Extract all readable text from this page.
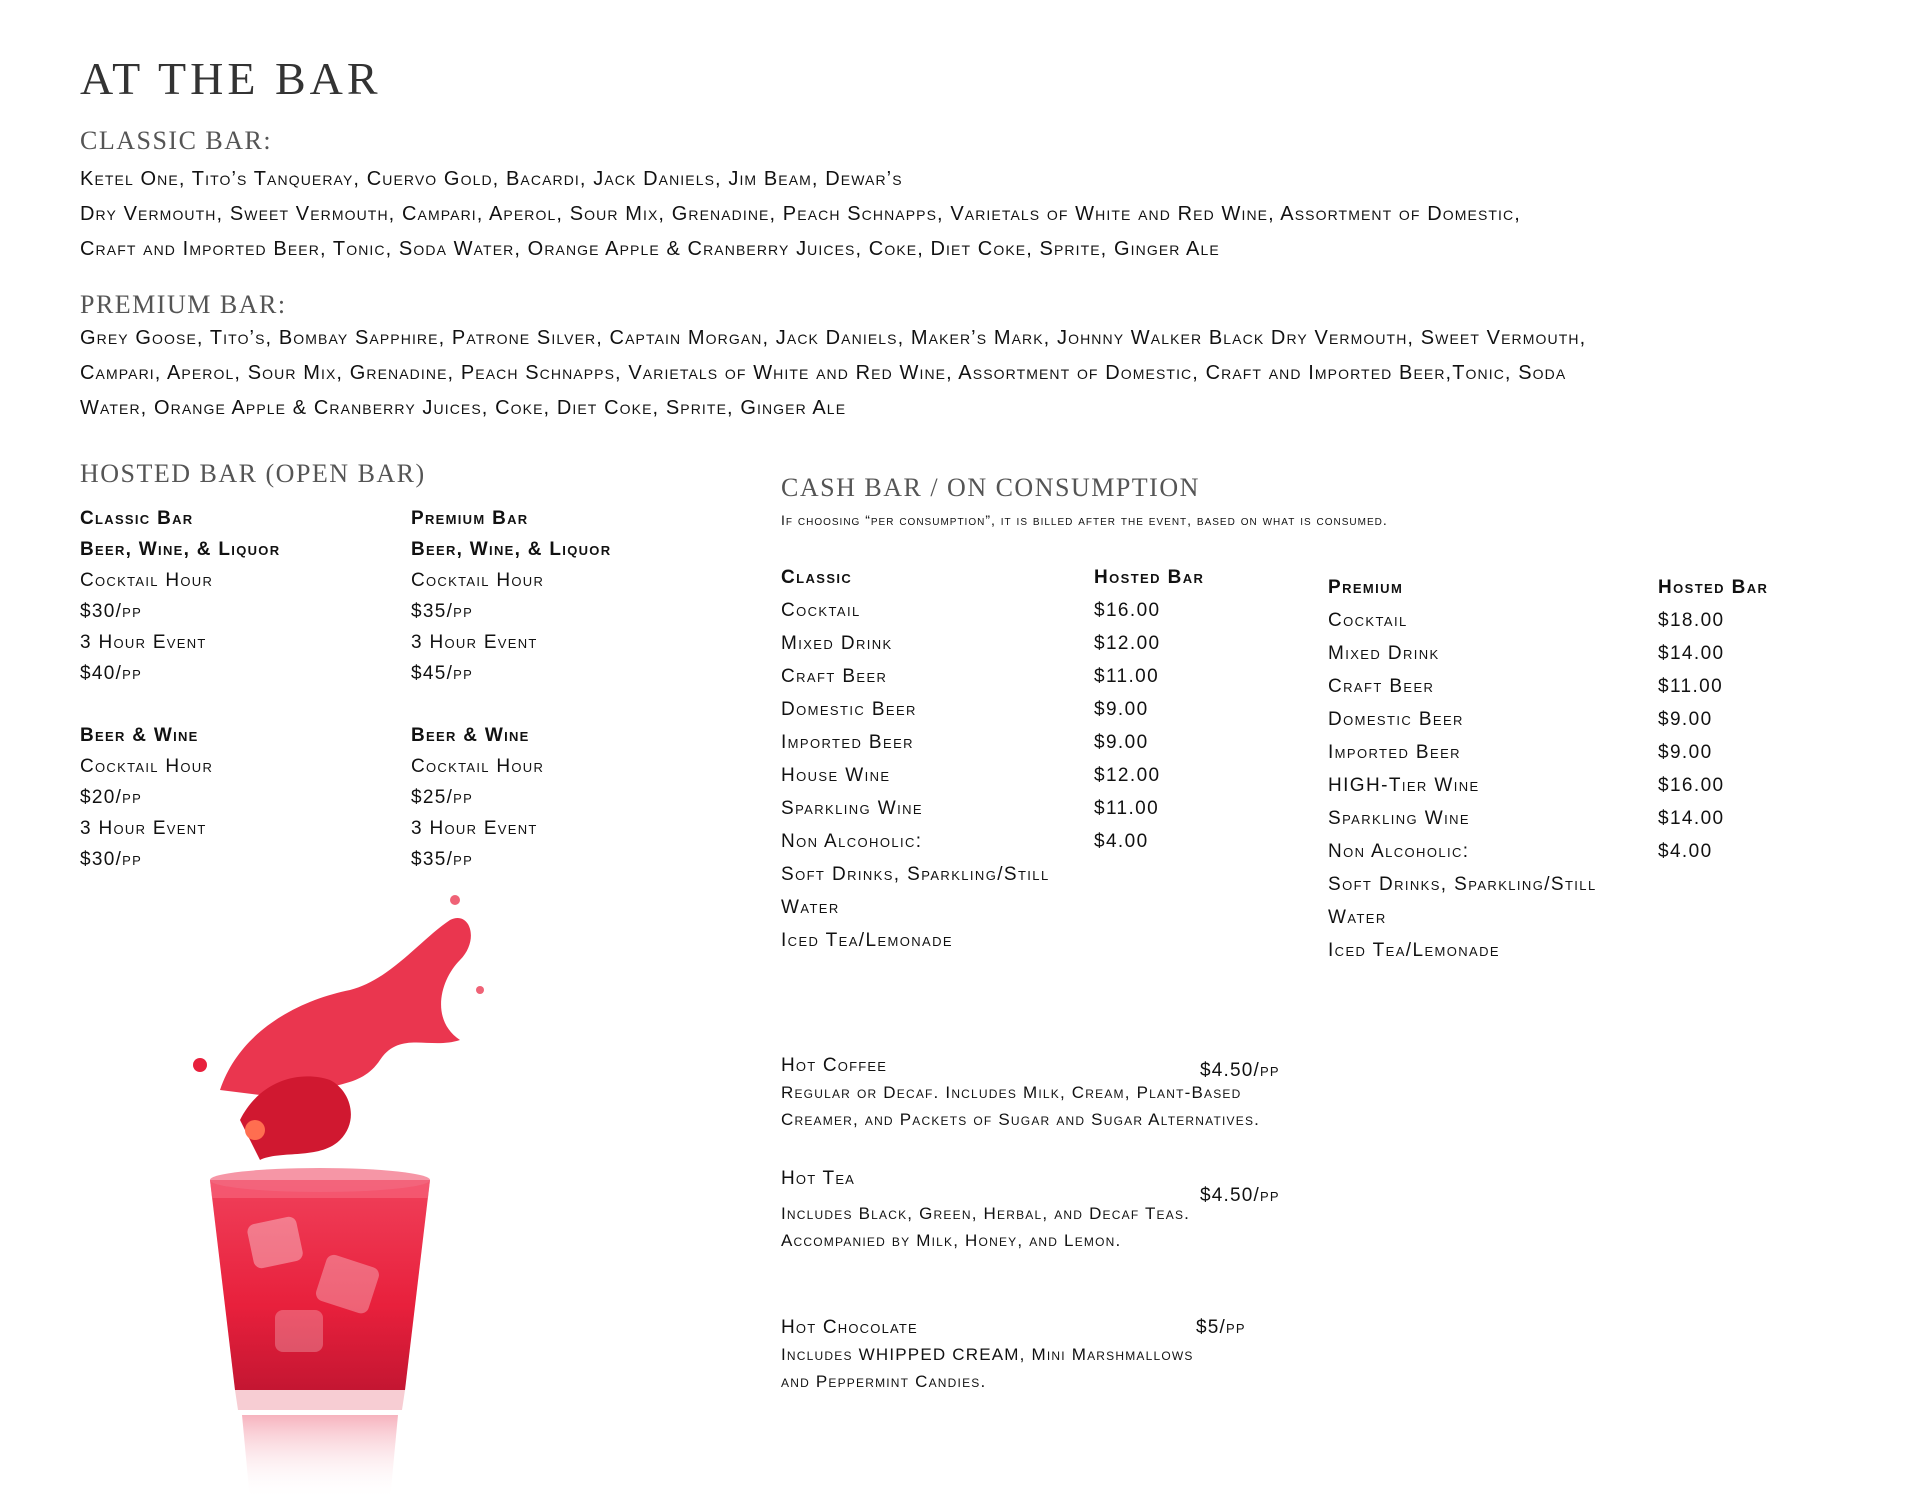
AT THE BAR
CLASSIC BAR:
Ketel One, Tito’s Tanqueray, Cuervo Gold, Bacardi, Jack Daniels, Jim Beam, Dewar’s
Dry Vermouth, Sweet Vermouth, Campari, Aperol, Sour Mix, Grenadine, Peach Schnapps, Varietals of White and Red Wine, Assortment of Domestic,
Craft and Imported Beer, Tonic, Soda Water, Orange Apple & Cranberry Juices, Coke, Diet Coke, Sprite, Ginger Ale
PREMIUM BAR:
Grey Goose, Tito’s, Bombay Sapphire, Patrone Silver, Captain Morgan, Jack Daniels, Maker’s Mark, Johnny Walker Black Dry Vermouth, Sweet Vermouth,
Campari, Aperol, Sour Mix, Grenadine, Peach Schnapps, Varietals of White and Red Wine, Assortment of Domestic, Craft and Imported Beer,Tonic, Soda
Water, Orange Apple & Cranberry Juices, Coke, Diet Coke, Sprite, Ginger Ale
HOSTED BAR (OPEN BAR)
Classic Bar
Beer, Wine, & Liquor
Cocktail Hour
$30/pp
3 Hour Event
$40/pp
Beer & Wine
Cocktail Hour
$20/pp
3 Hour Event
$30/pp
Premium Bar
Beer, Wine, & Liquor
Cocktail Hour
$35/pp
3 Hour Event
$45/pp
Beer & Wine
Cocktail Hour
$25/pp
3 Hour Event
$35/pp
CASH BAR / ON CONSUMPTION
If choosing “per consumption”, it is billed after the event, based on what is consumed.
Classic	Hosted Bar
Cocktail	$16.00
Mixed Drink	$12.00
Craft Beer	$11.00
Domestic Beer	$9.00
Imported Beer	$9.00
House Wine	$12.00
Sparkling Wine	$11.00
Non Alcoholic:	$4.00
Soft Drinks, Sparkling/Still
Water
Iced Tea/Lemonade
Premium	Hosted Bar
Cocktail	$18.00
Mixed Drink	$14.00
Craft Beer	$11.00
Domestic Beer	$9.00
Imported Beer	$9.00
HIGH-Tier Wine	$16.00
Sparkling Wine	$14.00
Non Alcoholic:	$4.00
Soft Drinks, Sparkling/Still
Water
Iced Tea/Lemonade
Hot Coffee	$4.50/pp
Regular or Decaf. Includes Milk, Cream, Plant-Based
Creamer, and Packets of Sugar and Sugar Alternatives.
Hot Tea
$4.50/pp
Includes Black, Green, Herbal, and Decaf Teas.
Accompanied by Milk, Honey, and Lemon.
Hot Chocolate	$5/pp
Includes WHIPPED CREAM, Mini Marshmallows
and Peppermint Candies.
